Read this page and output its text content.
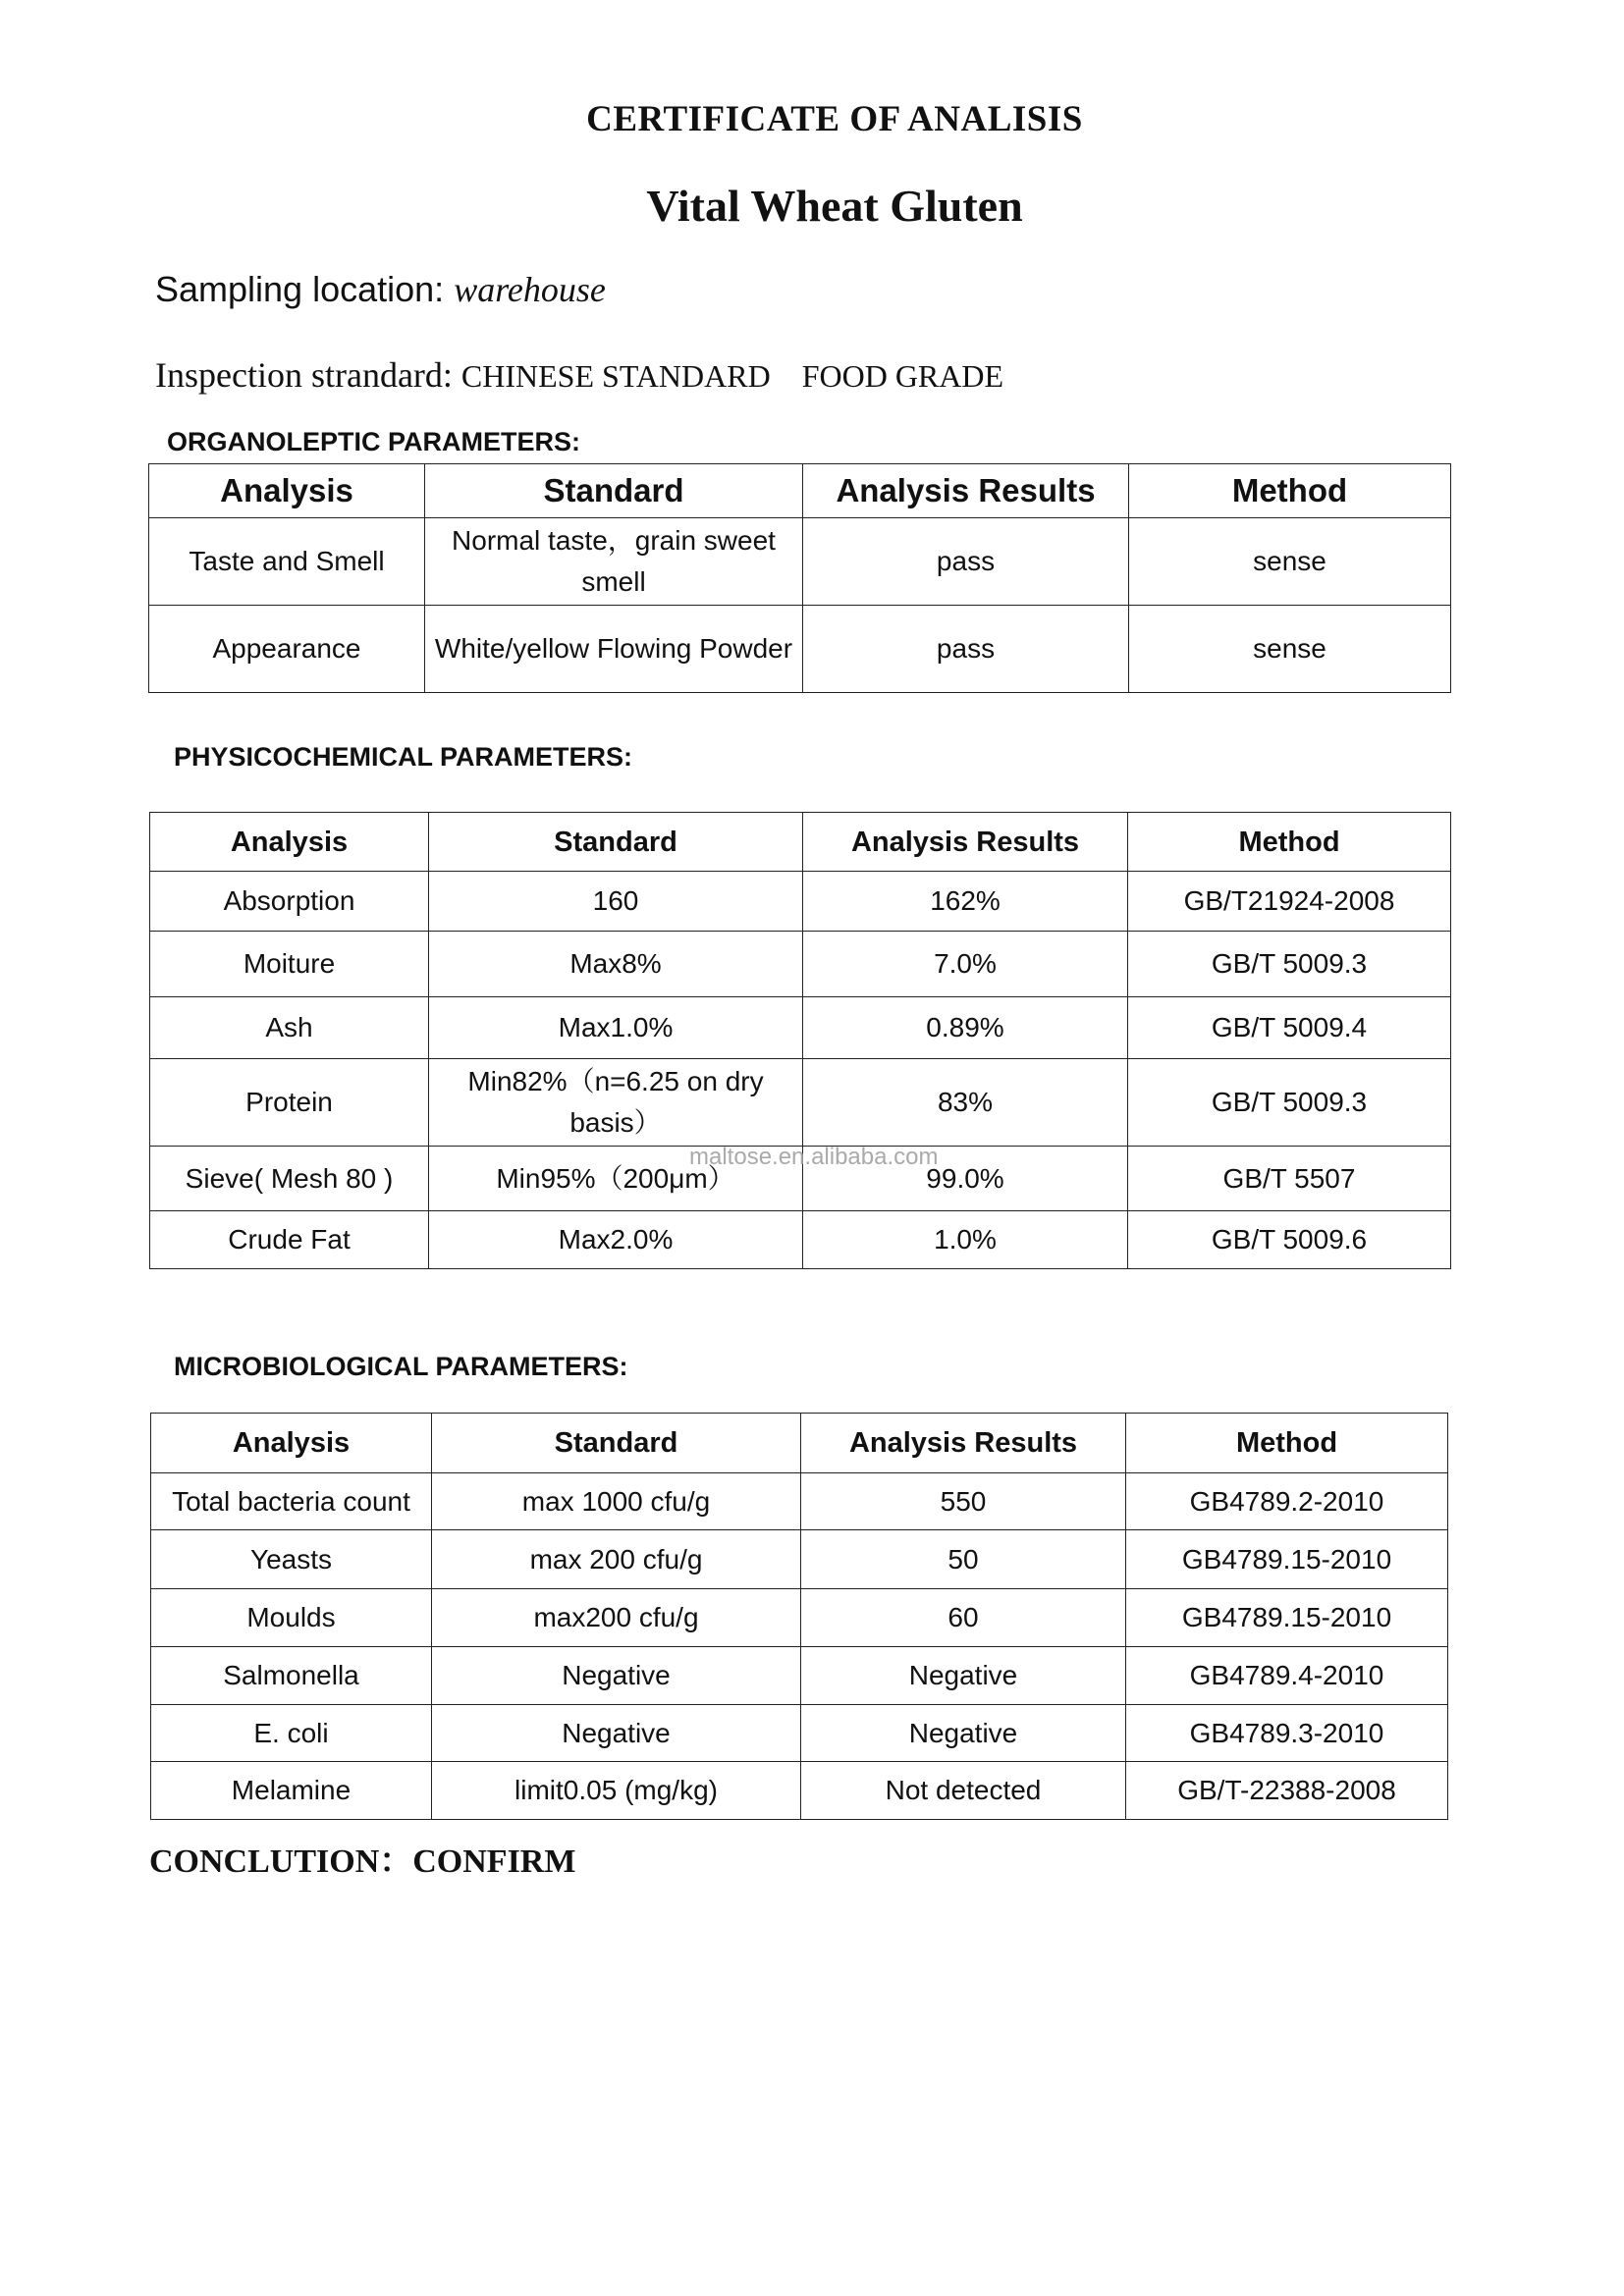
CERTIFICATE OF ANALISIS
Vital Wheat Gluten
Sampling location: warehouse
Inspection strandard: CHINESE STANDARD    FOOD GRADE
ORGANOLEPTIC PARAMETERS:
Analysis	Standard	Analysis Results	Method
Taste and Smell	Normal taste，grain sweet smell	pass	sense
Appearance	White/yellow Flowing Powder	pass	sense
PHYSICOCHEMICAL PARAMETERS:
Analysis	Standard	Analysis Results	Method
Absorption	160	162%	GB/T21924-2008
Moiture	Max8%	7.0%	GB/T 5009.3
Ash	Max1.0%	0.89%	GB/T 5009.4
Protein	Min82%（n=6.25 on dry basis）	83%	GB/T 5009.3
Sieve( Mesh 80 )	Min95%（200μm）	99.0%	GB/T 5507
Crude Fat	Max2.0%	1.0%	GB/T 5009.6
maltose.en.alibaba.com
MICROBIOLOGICAL PARAMETERS:
Analysis	Standard	Analysis Results	Method
Total bacteria count	max 1000 cfu/g	550	GB4789.2-2010
Yeasts	max 200 cfu/g	50	GB4789.15-2010
Moulds	max200 cfu/g	60	GB4789.15-2010
Salmonella	Negative	Negative	GB4789.4-2010
E. coli	Negative	Negative	GB4789.3-2010
Melamine	limit0.05 (mg/kg)	Not detected	GB/T-22388-2008
CONCLUTION：CONFIRM
